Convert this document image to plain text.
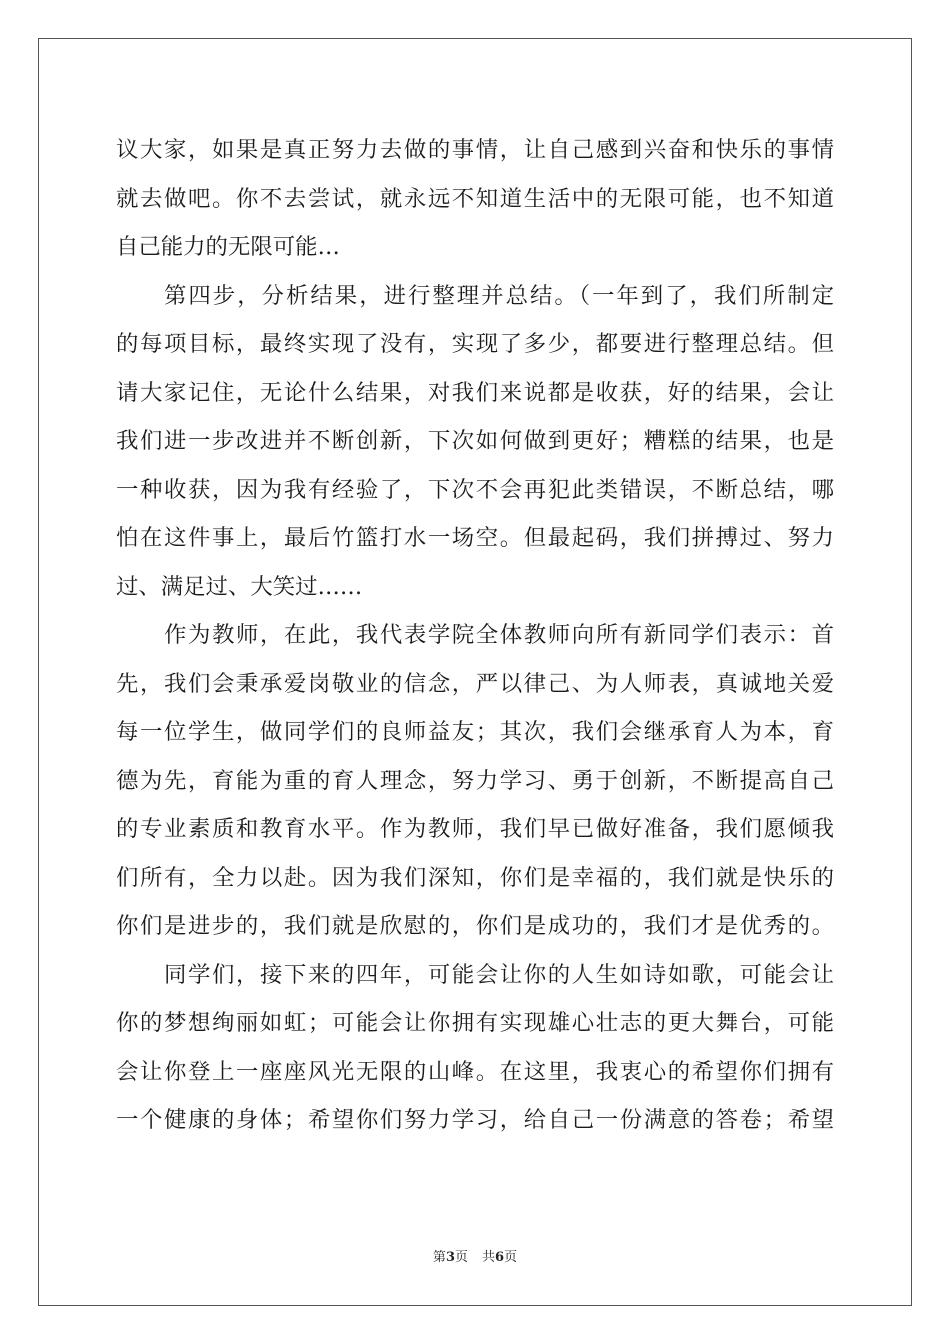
议大家，如果是真正努力去做的事情，让自己感到兴奋和快乐的事情
就去做吧。你不去尝试，就永远不知道生活中的无限可能，也不知道
自己能力的无限可能…
第四步，分析结果，进行整理并总结。（一年到了，我们所制定
的每项目标，最终实现了没有，实现了多少，都要进行整理总结。但
请大家记住，无论什么结果，对我们来说都是收获，好的结果，会让
我们进一步改进并不断创新，下次如何做到更好；糟糕的结果，也是
一种收获，因为我有经验了，下次不会再犯此类错误，不断总结，哪
怕在这件事上，最后竹篮打水一场空。但最起码，我们拼搏过、努力
过、满足过、大笑过……
作为教师，在此，我代表学院全体教师向所有新同学们表示：首
先，我们会秉承爱岗敬业的信念，严以律己、为人师表，真诚地关爱
每一位学生，做同学们的良师益友；其次，我们会继承育人为本，育
德为先，育能为重的育人理念，努力学习、勇于创新，不断提高自己
的专业素质和教育水平。作为教师，我们早已做好准备，我们愿倾我
们所有，全力以赴。因为我们深知，你们是幸福的，我们就是快乐的
你们是进步的，我们就是欣慰的，你们是成功的，我们才是优秀的。
同学们，接下来的四年，可能会让你的人生如诗如歌，可能会让
你的梦想绚丽如虹；可能会让你拥有实现雄心壮志的更大舞台，可能
会让你登上一座座风光无限的山峰。在这里，我衷心的希望你们拥有
一个健康的身体；希望你们努力学习，给自己一份满意的答卷；希望
第3页 共6页
